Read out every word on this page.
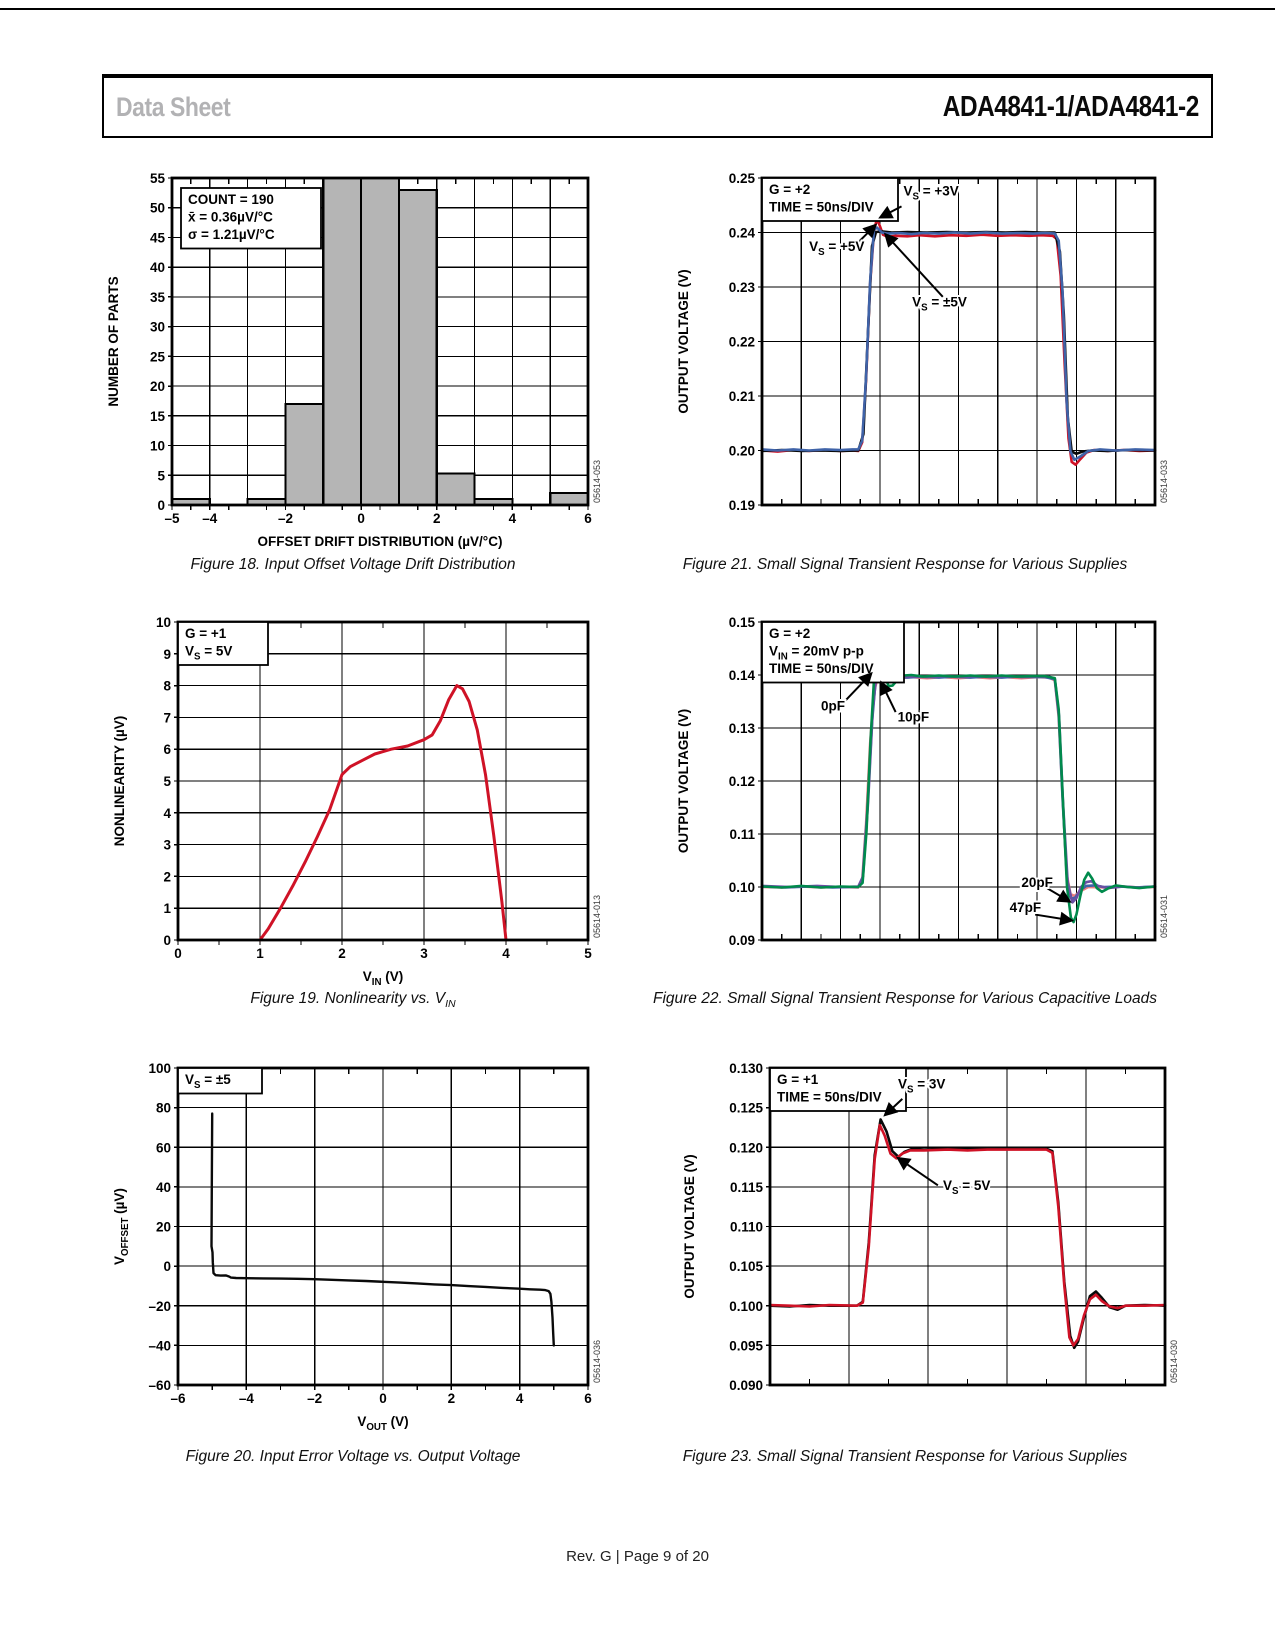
Data Sheet	ADA4841-1/ADA4841-2
COUNT = 190
x̄ = 0.36µV/°C
σ = 1.21µV/°C
0
5
10
15
20
25
30
35
40
45
50
55
–5 –4	–2	0	2	4	6
OFFSET DRIFT DISTRIBUTION (µV/°C)
NUMBER OF PARTS
05614-053
G = +2
TIME = 50ns/DIV
$V_S = +3V$
$V_S = +5V$
$V_S = \pm 5V$
0.19
0.20
0.21
0.22
0.23
0.24
0.25
OUTPUT VOLTAGE (V)
05614-033
G = +1
$V_S = 5V$
0
1
2
3
4
5
6
7
8
9
10
0	1	2	3	4	5
$V_{IN}$ (V)
NONLINEARITY (µV)
05614-013
G = +2
$V_{IN} = 20mV$ p-p
TIME = 50ns/DIV
0pF
10pF
20pF
47pF
0.09
0.10
0.11
0.12
0.13
0.14
0.15
OUTPUT VOLTAGE (V)
05614-031
$V_S = \pm 5$
–60
–40
–20
0
20
40
60
80
100
–6	–4	–2	0	2	4	6
$V_{OUT}$ (V)
$V_{OFFSET}$ (µV)
05614-036
G = +1
TIME = 50ns/DIV
$V_S = 3V$
$V_S = 5V$
0.090
0.095
0.100
0.105
0.110
0.115
0.120
0.125
0.130
OUTPUT VOLTAGE (V)
05614-030
Figure 18. Input Offset Voltage Drift Distribution	Figure 21. Small Signal Transient Response for Various Supplies
Figure 19. Nonlinearity vs. $V_{IN}$	Figure 22. Small Signal Transient Response for Various Capacitive Loads
Figure 20. Input Error Voltage vs. Output Voltage	Figure 23. Small Signal Transient Response for Various Supplies
Rev. G | Page 9 of 20
